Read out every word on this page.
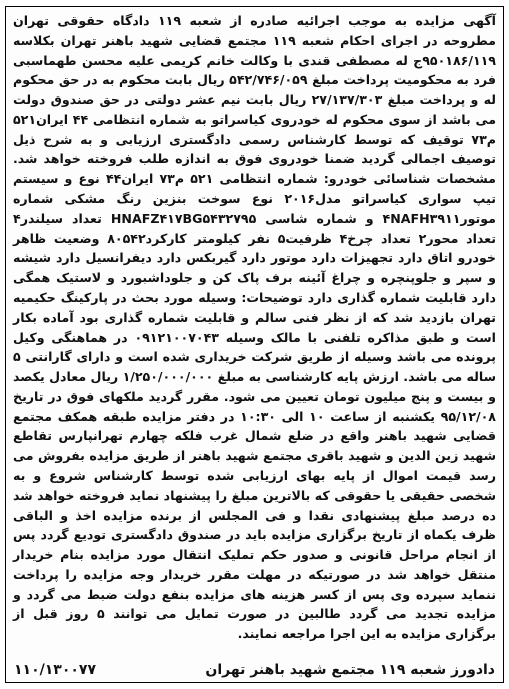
آگهی مزایده به موجب اجرائیه صادره از شعبه ۱۱۹ دادگاه حقوقی تهران مطروحه در اجرای احکام شعبه ۱۱۹ مجتمع قضایی شهید باهنر تهران بکلاسه ۹۵۰۱۸۶/۱۱۹ج له مصطفی قندی با وکالت خانم کریمی علیه محسن طهماسبی فرد به محکومیت پرداخت مبلغ ۵۴۲/۷۴۶/۰۵۹ ریال بابت محکوم به در حق محکوم له و پرداخت مبلغ ۲۷/۱۳۷/۳۰۳ ریال بابت نیم عشر دولتی در حق صندوق دولت می باشد از سوی محکوم له خودروی کیاسراتو به شماره انتظامی ۴۴ ایران۵۲۱ م۷۳ توقیف که توسط کارشناس رسمی دادگستری ارزیابی و به شرح ذیل توصیف اجمالی گردید ضمنا خودروی فوق به اندازه طلب فروخته خواهد شد. مشخصات شناسائی خودرو: شماره انتظامی ۵۲۱ م۷۳ ایران۴۴ نوع و سیستم تیپ سواری کیاسراتو مدل۲۰۱۶ نوع سوخت بنزین رنگ مشکی شماره موتور۴NAFH۳۹۱۱ و شماره شاسی HNAFZ۴۱۷BG۵۴۳۲۷۹۵ تعداد سیلندر۴ تعداد محور۲ تعداد چرخ۴ ظرفیت۵ نفر کیلومتر کارکرد۸۰۵۴۲ وضعیت ظاهر خودرو اتاق دارد تجهیزات دارد موتور دارد گیربکس دارد دیفرانسیل دارد شیشه و سپر و جلوپنچره و چراغ آئینه برف پاک کن و جلوداشبورد و لاستیک همگی دارد قابلیت شماره گذاری دارد توضیحات: وسیله مورد بحث در پارکینگ حکیمیه تهران بازدید شد که از نظر فنی سالم و قابلیت شماره گذاری بود آماده بکار است و طبق مذاکره تلفنی با مالک وسیله ۰۹۱۲۱۰۰۷۰۴۳ در هماهنگی وکیل پرونده می باشد وسیله از طریق شرکت خریداری شده است و دارای گارانتی ۵ ساله می باشد. ارزش پایه کارشناسی به مبلغ ۱/۲۵۰/۰۰۰/۰۰۰ ریال معادل یکصد و بیست و پنج میلیون تومان تعیین می شود. مقرر گردید ملکهای فوق در تاریخ ۹۵/۱۲/۰۸ یکشنبه از ساعت ۱۰ الی ۱۰:۳۰ در دفتر مزایده طبقه همکف مجتمع قضایی شهید باهنر واقع در ضلع شمال غرب فلکه چهارم تهرانپارس تقاطع شهید زین الدین و شهید باقری مجتمع شهید باهنر از طریق مزایده بفروش می رسد قیمت اموال از پایه بهای ارزیابی شده توسط کارشناس شروع و به شخصی حقیقی یا حقوقی که بالاترین مبلغ را پیشنهاد نماید فروخته خواهد شد ده درصد مبلغ پیشنهادی نقدا و فی المجلس از برنده مزایده اخذ و الباقی ظرف یکماه از تاریخ برگزاری مزایده باید در صندوق دادگستری تودیع گردد پس از انجام مراحل قانونی و صدور حکم تملیک انتقال مورد مزایده بنام خریدار منتقل خواهد شد در صورتیکه در مهلت مقرر خریدار وجه مزایده را پرداخت ننماید سپرده وی پس از کسر هزینه های مزایده بنفع دولت ضبط می گردد و مزایده تجدید می گردد طالبین در صورت تمایل می توانند ۵ روز قبل از برگزاری مزایده به این اجرا مراجعه نمایند.

دادورز شعبه ۱۱۹ مجتمع شهید باهنر تهران
۱۱۰/۱۳۰۰۷۷
